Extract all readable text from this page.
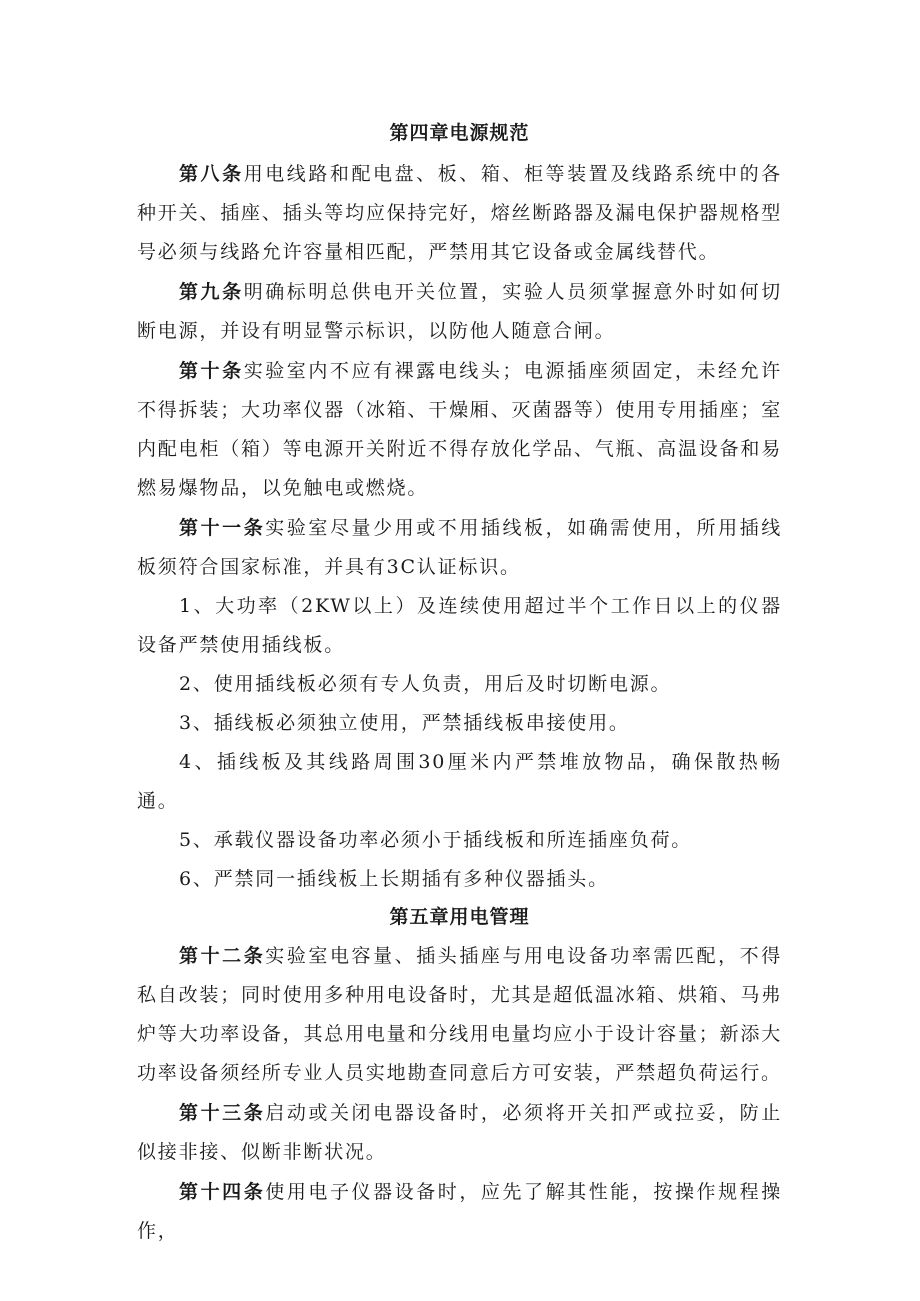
第四章电源规范

第八条用电线路和配电盘、板、箱、柜等装置及线路系统中的各种开关、插座、插头等均应保持完好，熔丝断路器及漏电保护器规格型号必须与线路允许容量相匹配，严禁用其它设备或金属线替代。

第九条明确标明总供电开关位置，实验人员须掌握意外时如何切断电源，并设有明显警示标识，以防他人随意合闸。

第十条实验室内不应有裸露电线头；电源插座须固定，未经允许不得拆装；大功率仪器（冰箱、干燥厢、灭菌器等）使用专用插座；室内配电柜（箱）等电源开关附近不得存放化学品、气瓶、高温设备和易燃易爆物品，以免触电或燃烧。

第十一条实验室尽量少用或不用插线板，如确需使用，所用插线板须符合国家标准，并具有3C认证标识。

1、大功率（2KW以上）及连续使用超过半个工作日以上的仪器设备严禁使用插线板。

2、使用插线板必须有专人负责，用后及时切断电源。

3、插线板必须独立使用，严禁插线板串接使用。

4、插线板及其线路周围30厘米内严禁堆放物品，确保散热畅通。

5、承载仪器设备功率必须小于插线板和所连插座负荷。

6、严禁同一插线板上长期插有多种仪器插头。

第五章用电管理

第十二条实验室电容量、插头插座与用电设备功率需匹配，不得私自改装；同时使用多种用电设备时，尤其是超低温冰箱、烘箱、马弗炉等大功率设备，其总用电量和分线用电量均应小于设计容量；新添大功率设备须经所专业人员实地勘查同意后方可安装，严禁超负荷运行。

第十三条启动或关闭电器设备时，必须将开关扣严或拉妥，防止似接非接、似断非断状况。

第十四条使用电子仪器设备时，应先了解其性能，按操作规程操作，
